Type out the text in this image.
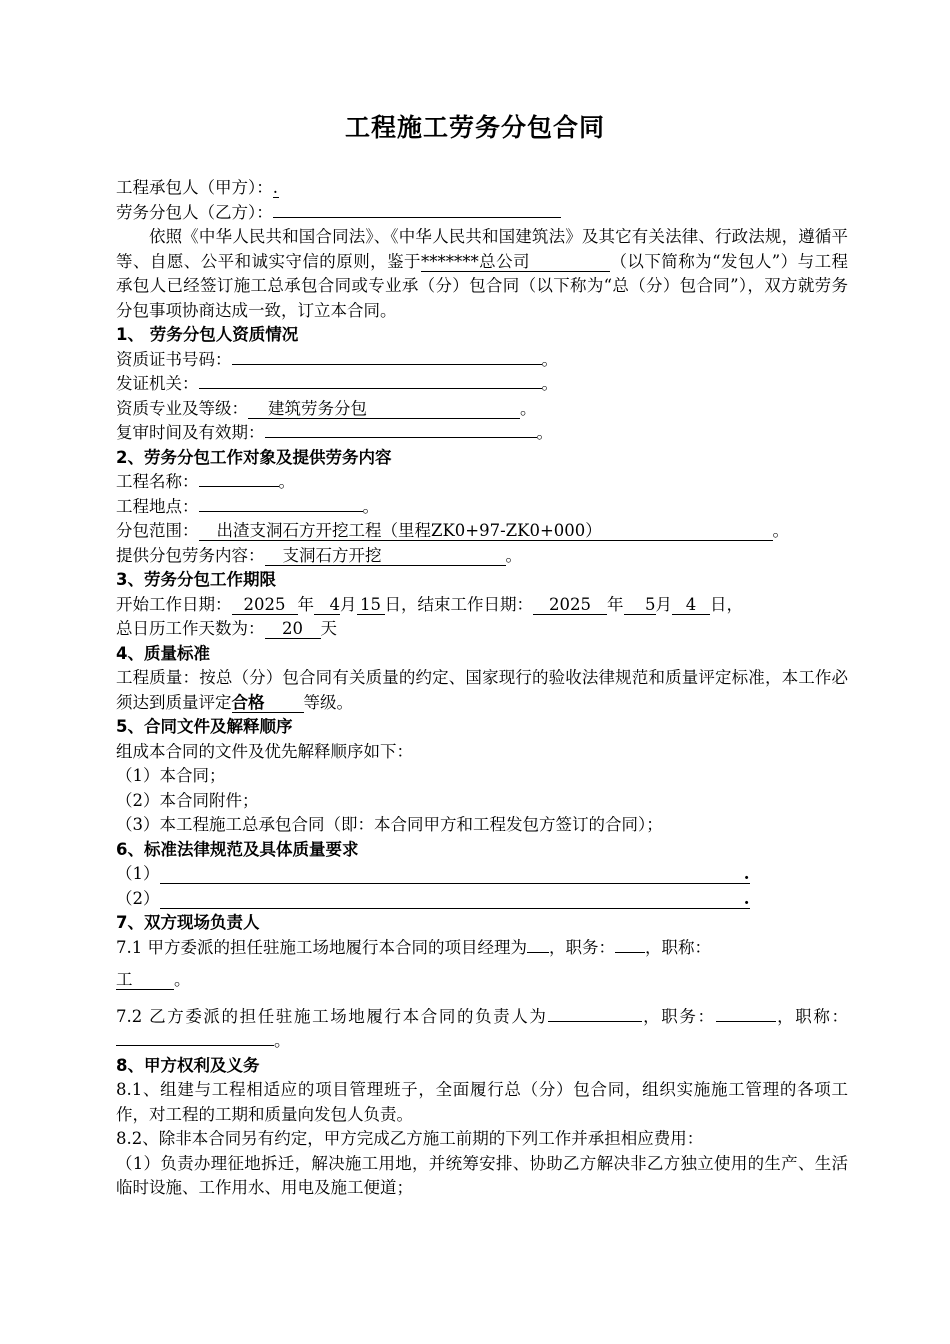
工程施工劳务分包合同
工程承包人（甲方）：.
劳务分包人（乙方）：
依照《中华人民共和国合同法》、《中华人民共和国建筑法》及其它有关法律、行政法规，遵循平等、自愿、公平和诚实守信的原则，鉴于*******总公司	（以下简称为“发包人”）与工程承包人已经签订施工总承包合同或专业承（分）包合同（以下称为“总（分）包合同”），双方就劳务分包事项协商达成一致，订立本合同。
1、 劳务分包人资质情况
资质证书号码：	。
发证机关：	。
资质专业及等级： 建筑劳务分包	。
复审时间及有效期：	。
2、劳务分包工作对象及提供劳务内容
工程名称：	。
工程地点：	。
分包范围： 出渣支洞石方开挖工程（里程ZK0+97-ZK0+000）	。
提供分包劳务内容： 支洞石方开挖	。
3、劳务分包工作期限
开始工作日期： 2025 年 4月 15 日，结束工作日期： 2025 年 5月 4 日，
总日历工作天数为： 20 天
4、质量标准
工程质量：按总（分）包合同有关质量的约定、国家现行的验收法律规范和质量评定标准，本工作必须达到质量评定合格 等级。
5、合同文件及解释顺序
组成本合同的文件及优先解释顺序如下：
（1）本合同；
（2）本合同附件；
（3）本工程施工总承包合同（即：本合同甲方和工程发包方签订的合同）；
6、标准法律规范及具体质量要求
（1）	.
（2）	.
7、双方现场负责人
7.1 甲方委派的担任驻施工场地履行本合同的项目经理为 ，职务： ，职称：
工	。
7.2 乙方委派的担任驻施工场地履行本合同的负责人为	，职务：	，职称：。
8、甲方权利及义务
8.1、组建与工程相适应的项目管理班子，全面履行总（分）包合同，组织实施施工管理的各项工作，对工程的工期和质量向发包人负责。
8.2、除非本合同另有约定，甲方完成乙方施工前期的下列工作并承担相应费用：
（1）负责办理征地拆迁，解决施工用地，并统筹安排、协助乙方解决非乙方独立使用的生产、生活临时设施、工作用水、用电及施工便道；
